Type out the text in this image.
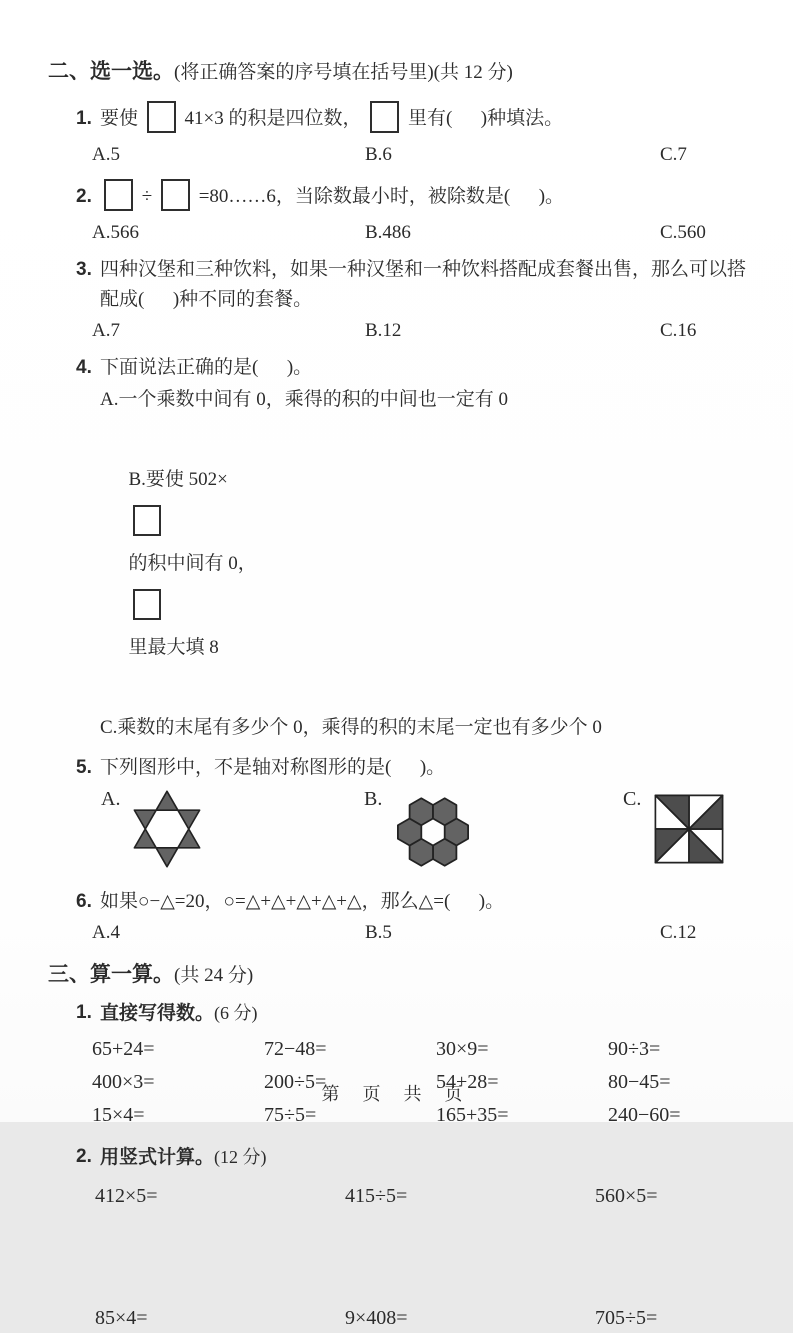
二、选一选。(将正确答案的序号填在括号里)(共 12 分)
1. 要使 41×3 的积是四位数， 里有(      )种填法。
A.5	B.6	C.7
2.	÷ =80……6，当除数最小时，被除数是(      )。
A.566	B.486	C.560
3. 四种汉堡和三种饮料，如果一种汉堡和一种饮料搭配成套餐出售，那么可以搭配成(      )种不同的套餐。
A.7	B.12	C.16
4. 下面说法正确的是(      )。
A.一个乘数中间有 0，乘得的积的中间也一定有 0

B.要使 502×

的积中间有 0，

里最大填 8

C.乘数的末尾有多少个 0，乘得的积的末尾一定也有多少个 0
5. 下列图形中，不是轴对称图形的是(      )。
A.	B.	C.
6. 如果○−△=20，○=△+△+△+△+△，那么△=(      )。
A.4	B.5	C.12
三、算一算。(共 24 分)
1. 直接写得数。(6 分)
65+24=	72−48=	30×9=	90÷3=
400×3=	200÷5=	54+28=	80−45=
15×4=	75÷5=	165+35=	240−60=
2. 用竖式计算。(12 分)
412×5=	415÷5=	560×5=
85×4=	9×408=	705÷5=
第 页 共 页
